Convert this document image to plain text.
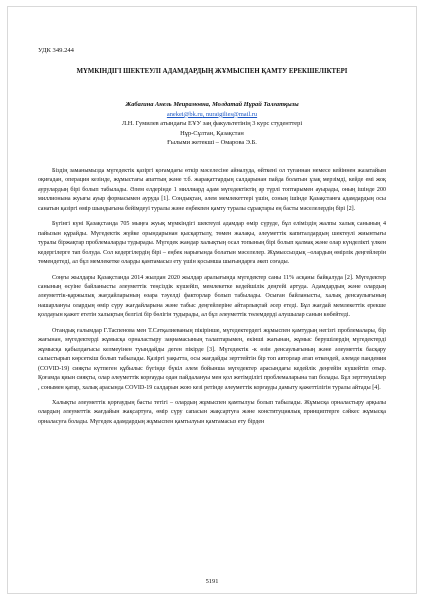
УДК 349.244
МҮМКІНДІГІ ШЕКТЕУЛІ АДАМДАРДЫҢ ЖҰМЫСПЕН ҚАМТУ ЕРЕКШЕЛІКТЕРІ
Жабагина Анель Меирамовна, Молдатай Нұрай Талғатқызы
anekei@bk.ru, nuraigilies@mail.ru
Л.Н. Гумилев атындағы ЕҰУ заң факультетінің 3 курс студенттері
Нұр-Сұлтан, Қазақстан
Ғылыми жетекші – Омарова Э.Б.

Біздің заманымызда мүгедектік қазіргі қоғамдағы өткір мәселесіне айналуда, өйткені ол туғаннан немесе кейіннен жазатайым оқиғадан, операция кезінде, жұмыстағы апаттың және т.б. жарақаттардың салдарынан пайда болатын ұзақ мерзімді, кейде емі жоқ аурулардың бірі болып табылады. Әлем елдерінде 1 миллиард адам мүгедектіктің әр түрлі топтарымен ауырады, оның ішінде 200 миллионына жуығы ауыр формасымен ауруда [1]. Сондықтан, әлем мемлекеттері үшін, соның ішінде Қазақстанға адамдардың осы санатын қазіргі өмір шындығына бейімдеуі туралы және еңбекпен қамту туралы сұрақтары ең басты мәселелердің бірі [2].

Бүгінгі күні Қазақстанда 705 мыңға жуық мүмкіндігі шектеулі адамдар өмір сүруде, бұл еліміздің жалпы халық санының 4 пайызын құрайды. Мүгедектік жүйке орындарынан қысқартылу, төмен жалақы, әлеуметтік капиталдардың шектеулі жиынтығы туралы біржақтар проблемаларды тудырады. Мүгедек жандар халықтың осал топының бірі болып қалмақ және олар күнделікті үлкен кедергілерге тап болуда. Сол кедергілердің бірі – еңбек нарығында болатын мәселелер. Жұмыссыздық –олардың өмірлік деңгейлерін төмендетеді, ал бұл мемлекетке оларды қамтамасыз ету үшін қосымша шығындарға әкеп соғады.

Соңғы жылдары Қазақстанда 2014 жылдан 2020 жылдар аралығында мүгедектер саны 11% асқаны байқалуда [2]. Мүгедектер санының өсуіне байланысты әлеуметтік теңсіздік күшейіп, мемлекетке кедейшілік деңгейі артуда. Адамдардың және олардың әлеуметтік-қаржылық жағдайларының өзара тәуелді факторлар болып табылады. Осыған байланысты, халық денсаулығының нашарлануы олардың өмір сүру жағдайларына және табыс деңгейлеріне айтарлықтай әсер етеді. Бұл жағдай мемлекеттік ерекше қолдауын қажет ететін халықтың белгілі бір бөлігін тудырады, ал бұл әлеуметтік төлемдерді алушылар санын көбейтеді.

Отандық ғалымдар Г.Таспенова мен Т.Сәтқалиеваның пікірінше, мүгедектердегі жұмыспен қамтудың негізгі проблемалары, бір жағынан, мүгедектерді жұмысқа орналастыру заңнамасының талаптарымен, екінші жағынан, жұмыс берушілердің мүгедектерді жұмысқа қабылдағысы келмеуінен туындайды деген пікірде [3]. Мүгедектік -к өзін денсаулығының және әлеуметтік басқару салыстырып көрсеткіш болып табылады. Қазіргі уақытта, осы жағдайды зерттейтін бір топ авторлар атап өткендей, әлемде пандемия (COVID-19) сияқты күтпеген құбылыс бүгінде бүкіл әлем бойынша мүгедектер арасындағы кедейлік деңгейін күшейтіп отыр. Қоғамда қиын сияқты, олар әлеуметтік корғауды одан пайдалануы мен қол жетімділігі проблемаларына тап болады. Бұл зерттеушілер , сонымен қатар, халық арасында COVID-19 салдарын жою кезі ретінде әлеуметтік корғауды дамыту қажеттілігін туралы айтады [4].

Халықты әлеуметтік қорғаудың басты тетігі – олардың жұмыспен қамтылуы болып табылады. Жұмысқа орналастыру арқылы олардың әлеуметтік жағдайын жақсартуға, өмір сүру сапасын жақсартуға және конституциялық принциптерге сәйкес жұмысқа орналасуға болады. Мүгедек адамдардың жұмыспен қамтылуын қамтамасыз ету бірден

5191
